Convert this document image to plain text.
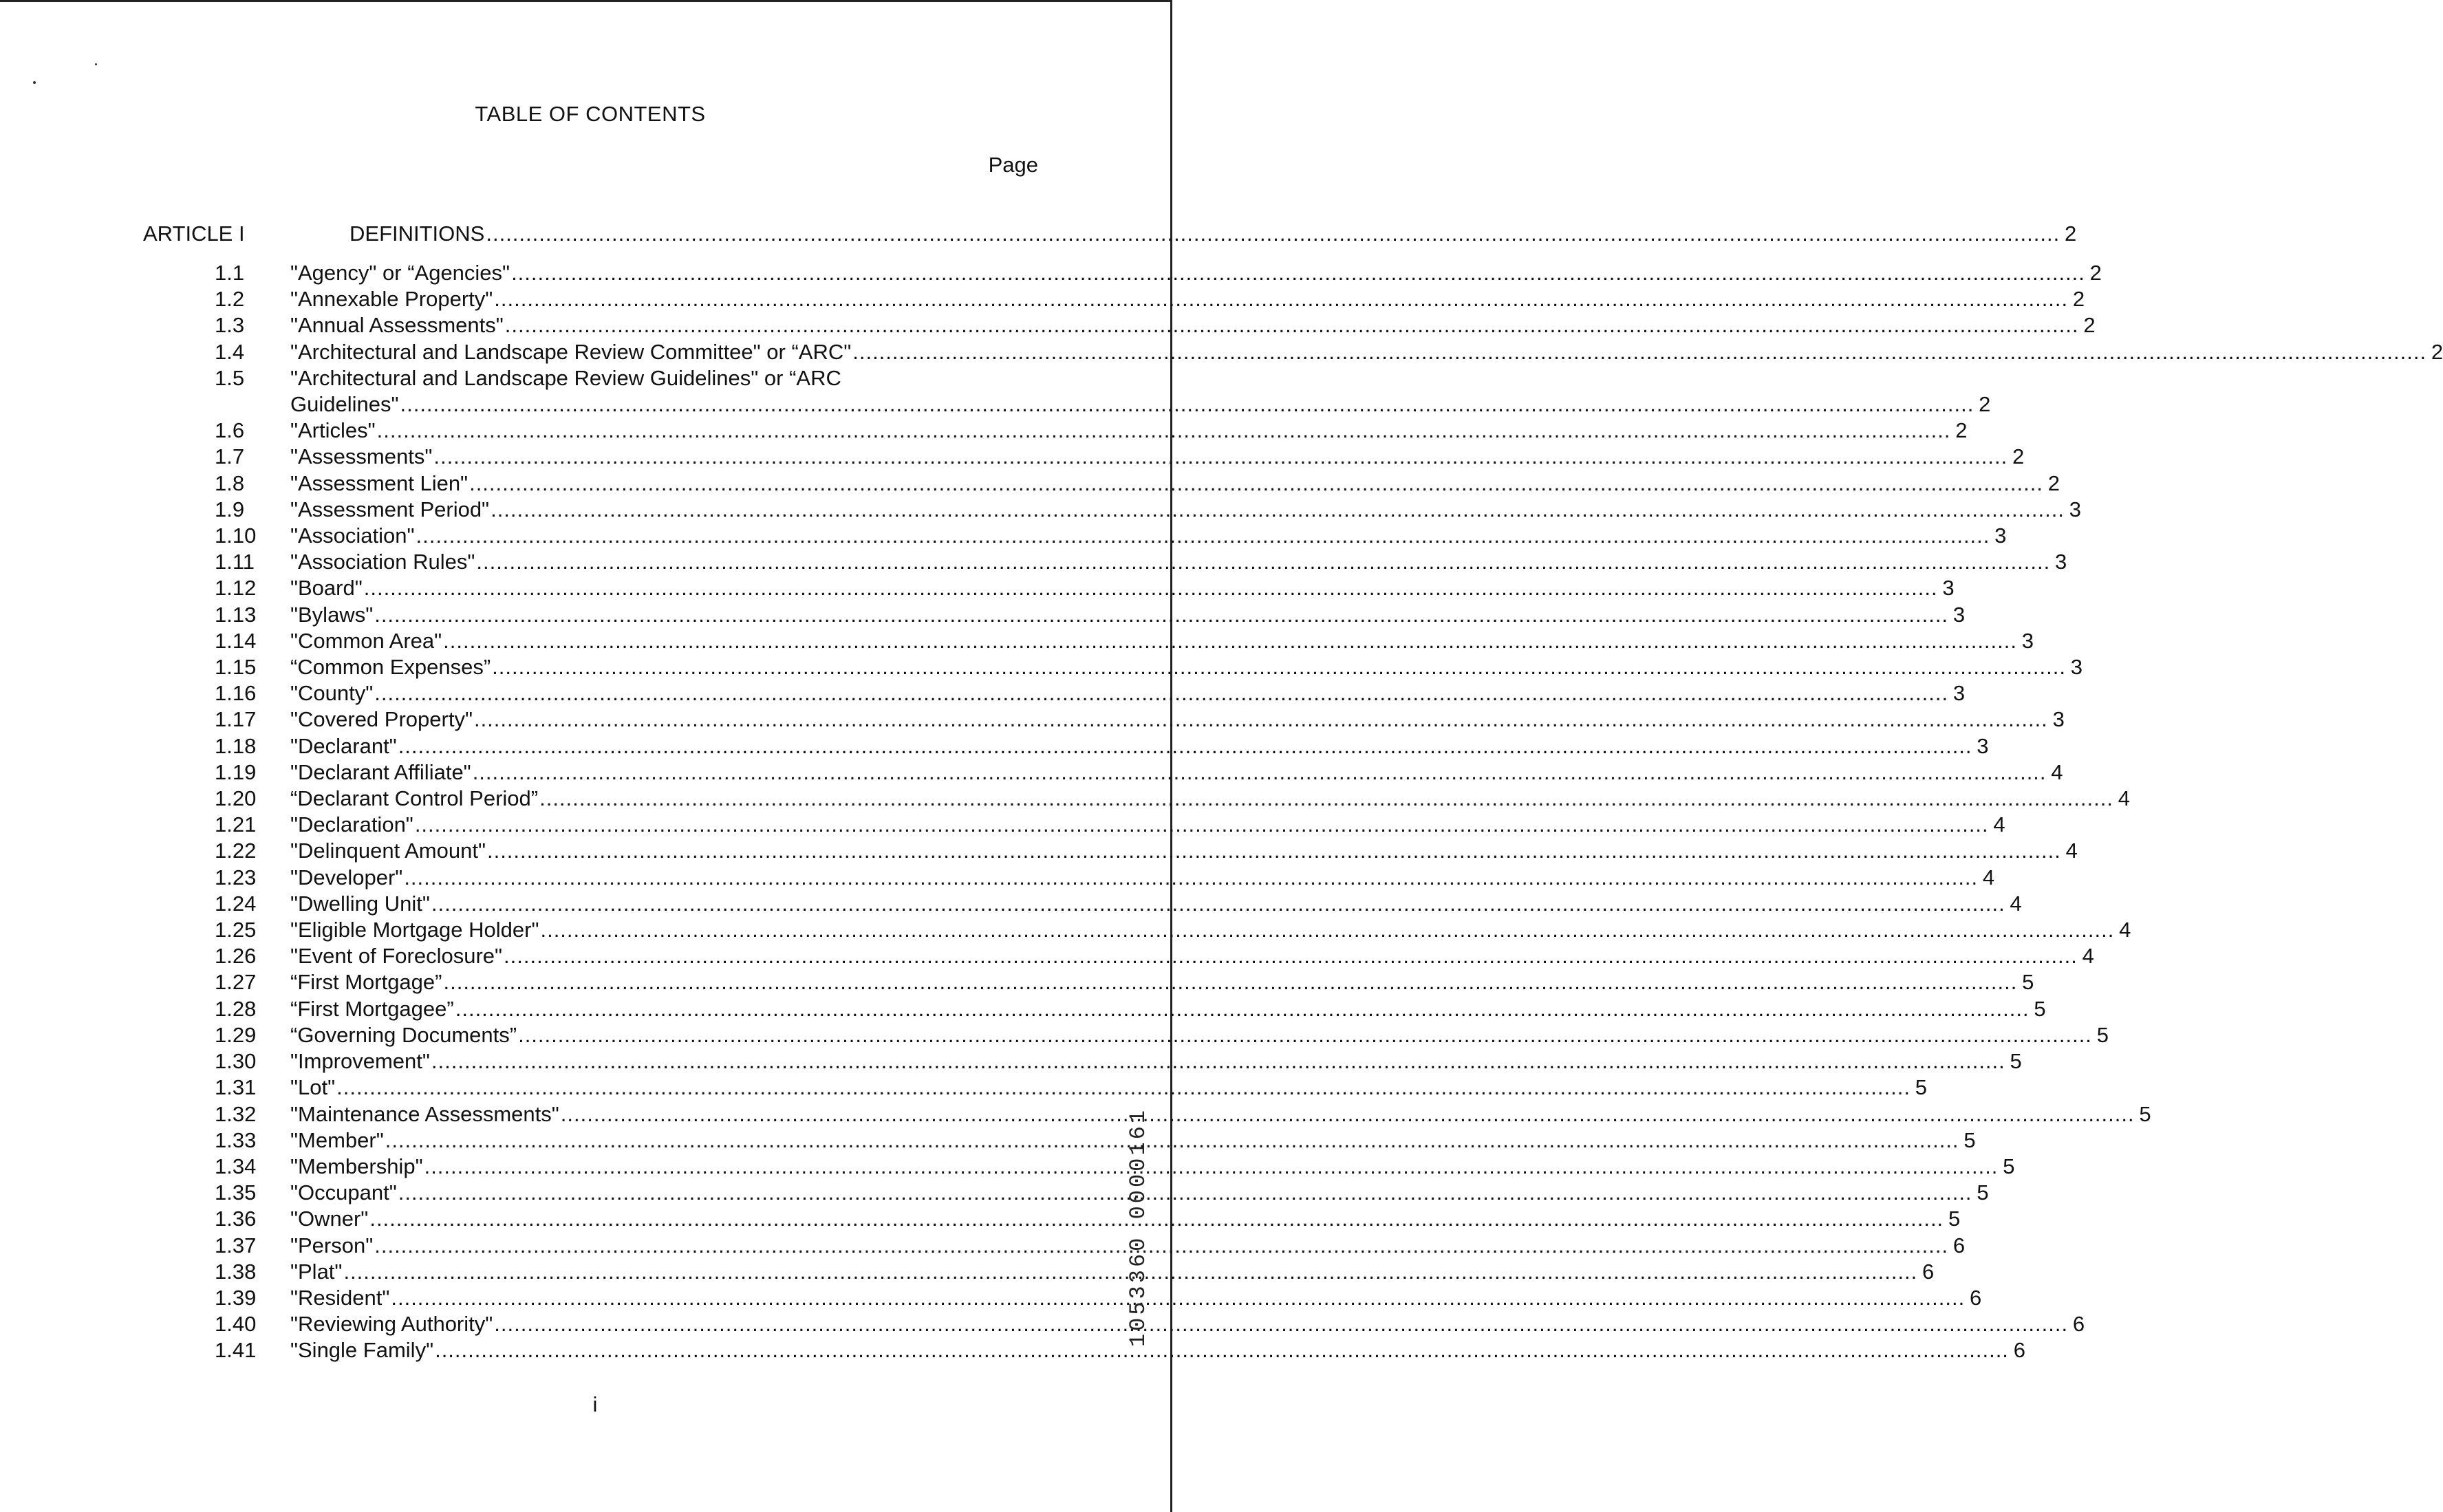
TABLE OF CONTENTS
Page
ARTICLE I	DEFINITIONS .....	2
1.1	"Agency" or “Agencies" .....	2
1.2	"Annexable Property" .....	2
1.3	"Annual Assessments" .....	2
1.4	"Architectural and Landscape Review Committee" or “ARC" .....	2
1.5	"Architectural and Landscape Review Guidelines" or “ARC
Guidelines" .....	2
1.6	"Articles" .....	2
1.7	"Assessments" .....	2
1.8	"Assessment Lien" .....	2
1.9	"Assessment Period" .....	3
1.10	"Association" .....	3
1.11	"Association Rules" .....	3
1.12	"Board" .....	3
1.13	"Bylaws" .....	3
1.14	"Common Area" .....	3
1.15	“Common Expenses” .....	3
1.16	"County" .....	3
1.17	"Covered Property" .....	3
1.18	"Declarant" .....	3
1.19	"Declarant Affiliate" .....	4
1.20	“Declarant Control Period” .....	4
1.21	"Declaration" .....	4
1.22	"Delinquent Amount" .....	4
1.23	"Developer" .....	4
1.24	"Dwelling Unit" .....	4
1.25	"Eligible Mortgage Holder" .....	4
1.26	"Event of Foreclosure" .....	4
1.27	“First Mortgage” .....	5
1.28	“First Mortgagee” .....	5
1.29	“Governing Documents” .....	5
1.30	"Improvement" .....	5
1.31	"Lot" .....	5
1.32	"Maintenance Assessments" .....	5
1.33	"Member" .....	5
1.34	"Membership" .....	5
1.35	"Occupant" .....	5
1.36	"Owner" .....	5
1.37	"Person" .....	6
1.38	"Plat" .....	6
1.39	"Resident" .....	6
1.40	"Reviewing Authority" .....	6
1.41	"Single Family" .....	6
i
1053360 0000161
